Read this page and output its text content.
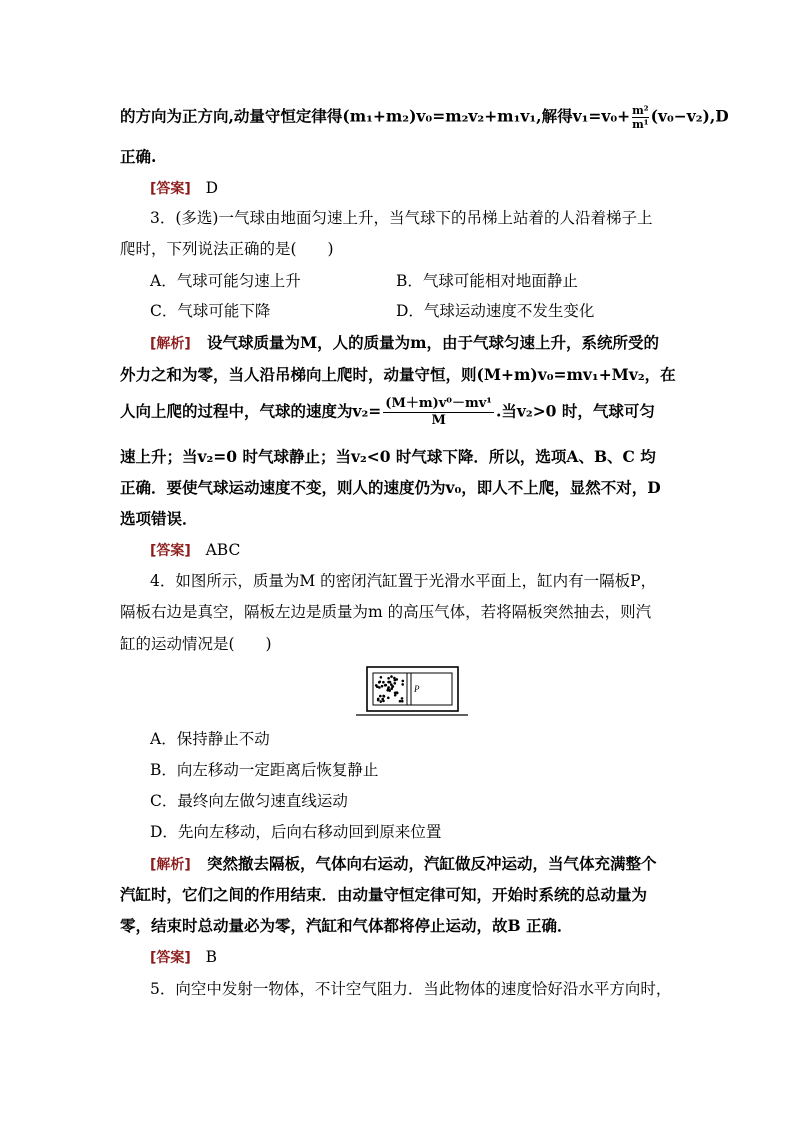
的方向为正方向,动量守恒定律得(m₁+m₂)v₀=m₂v₂+m₁v₁,解得$v_1=v_0+ \frac{\text{m²}}{\text{m¹}} (v_0-v_2),D$
正确.
[答案] D
3．(多选)一气球由地面匀速上升，当气球下的吊梯上站着的人沿着梯子上
爬时，下列说法正确的是(　　)
A．气球可能匀速上升	B．气球可能相对地面静止
C．气球可能下降	D．气球运动速度不发生变化
[解析] 设气球质量为M，人的质量为m，由于气球匀速上升，系统所受的
外力之和为零，当人沿吊梯向上爬时，动量守恒，则(M+m)v₀=mv₁+Mv₂，在
人向上爬的过程中，气球的速度为$v_2= \frac{\text{(M＋m)v⁰－mv¹}}{M}$ .当v₂>0 时，气球可匀
速上升；当v₂=0 时气球静止；当v₂<0 时气球下降．所以，选项A、B、C 均
正确．要使气球运动速度不变，则人的速度仍为v₀，即人不上爬，显然不对，D
选项错误．
[答案] ABC
4．如图所示，质量为M 的密闭汽缸置于光滑水平面上，缸内有一隔板P，
隔板右边是真空，隔板左边是质量为m 的高压气体，若将隔板突然抽去，则汽
缸的运动情况是(　　)
P
A．保持静止不动
B．向左移动一定距离后恢复静止
C．最终向左做匀速直线运动
D．先向左移动，后向右移动回到原来位置
[解析] 突然撤去隔板，气体向右运动，汽缸做反冲运动，当气体充满整个
汽缸时，它们之间的作用结束．由动量守恒定律可知，开始时系统的总动量为
零，结束时总动量必为零，汽缸和气体都将停止运动，故B 正确．
[答案] B
5．向空中发射一物体，不计空气阻力．当此物体的速度恰好沿水平方向时，
